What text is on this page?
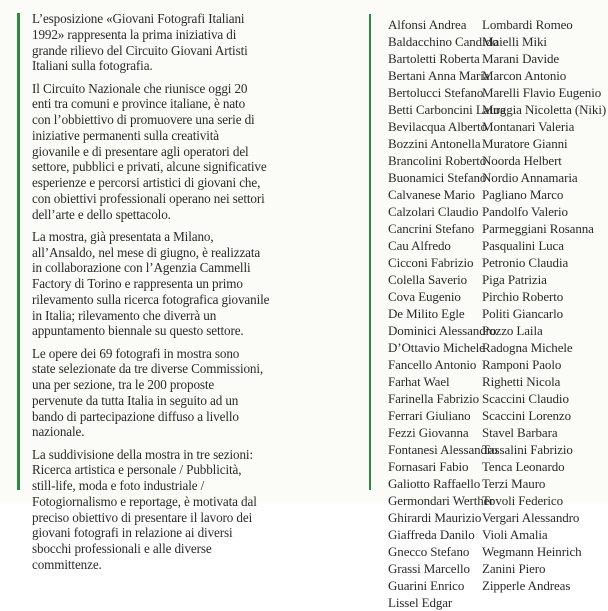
L’esposizione «Giovani Fotografi Italiani
1992» rappresenta la prima iniziativa di
grande rilievo del Circuito Giovani Artisti
Italiani sulla fotografia.

Il Circuito Nazionale che riunisce oggi 20
enti tra comuni e province italiane, è nato
con l’obbiettivo di promuovere una serie di
iniziative permanenti sulla creatività
giovanile e di presentare agli operatori del
settore, pubblici e privati, alcune significative
esperienze e percorsi artistici di giovani che,
con obiettivi professionali operano nei settori
dell’arte e dello spettacolo.

La mostra, già presentata a Milano,
all’Ansaldo, nel mese di giugno, è realizzata
in collaborazione con l’Agenzia Cammelli
Factory di Torino e rappresenta un primo
rilevamento sulla ricerca fotografica giovanile
in Italia; rilevamento che diverrà un
appuntamento biennale su questo settore.

Le opere dei 69 fotografi in mostra sono
state selezionate da tre diverse Commissioni,
una per sezione, tra le 200 proposte
pervenute da tutta Italia in seguito ad un
bando di partecipazione diffuso a livello
nazionale.

La suddivisione della mostra in tre sezioni:
Ricerca artistica e personale / Pubblicità,
still-life, moda e foto industriale /
Fotogiornalismo e reportage, è motivata dal
preciso obiettivo di presentare il lavoro dei
giovani fotografi in relazione ai diversi
sbocchi professionali e alle diverse
committenze.

Alfonsi Andrea
Baldacchino Candido
Bartoletti Roberta
Bertani Anna Maria
Bertolucci Stefano
Betti Carboncini Laura
Bevilacqua Alberto
Bozzini Antonella
Brancolini Roberto
Buonamici Stefano
Calvanese Mario
Calzolari Claudio
Cancrini Stefano
Cau Alfredo
Cicconi Fabrizio
Colella Saverio
Cova Eugenio
De Milito Egle
Dominici Alessandro
D’Ottavio Michele
Fancello Antonio
Farhat Wael
Farinella Fabrizio
Ferrari Giuliano
Fezzi Giovanna
Fontanesi Alessandro
Fornasari Fabio
Galiotto Raffaello
Germondari Werther
Ghirardi Maurizio
Giaffreda Danilo
Gnecco Stefano
Grassi Marcello
Guarini Enrico
Lissel Edgar
Lombardi Romeo
Maielli Miki
Marani Davide
Marcon Antonio
Marelli Flavio Eugenio
Moggia Nicoletta (Niki)
Montanari Valeria
Muratore Gianni
Noorda Helbert
Nordio Annamaria
Pagliano Marco
Pandolfo Valerio
Parmeggiani Rosanna
Pasqualini Luca
Petronio Claudia
Piga Patrizia
Pirchio Roberto
Politi Giancarlo
Pozzo Laila
Radogna Michele
Ramponi Paolo
Righetti Nicola
Scaccini Claudio
Scaccini Lorenzo
Stavel Barbara
Tassalini Fabrizio
Tenca Leonardo
Terzi Mauro
Tovoli Federico
Vergari Alessandro
Violi Amalia
Wegmann Heinrich
Zanini Piero
Zipperle Andreas
